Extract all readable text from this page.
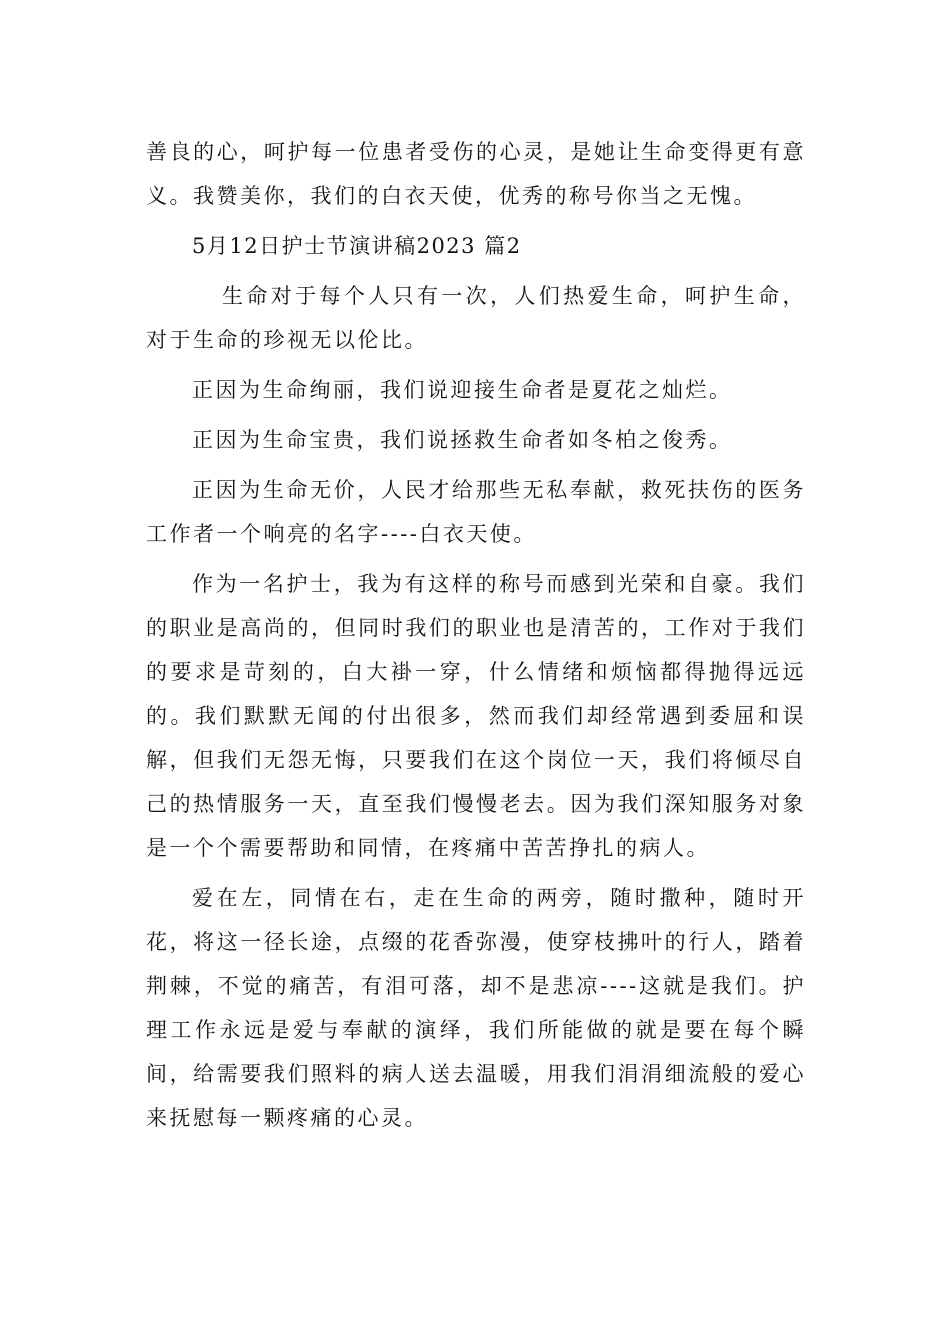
善良的心，呵护每一位患者受伤的心灵，是她让生命变得更有意义。我赞美你，我们的白衣天使，优秀的称号你当之无愧。

5月12日护士节演讲稿2023 篇2

生命对于每个人只有一次，人们热爱生命，呵护生命，对于生命的珍视无以伦比。

正因为生命绚丽，我们说迎接生命者是夏花之灿烂。

正因为生命宝贵，我们说拯救生命者如冬柏之俊秀。

正因为生命无价，人民才给那些无私奉献，救死扶伤的医务工作者一个响亮的名字----白衣天使。

作为一名护士，我为有这样的称号而感到光荣和自豪。我们的职业是高尚的，但同时我们的职业也是清苦的，工作对于我们的要求是苛刻的，白大褂一穿，什么情绪和烦恼都得抛得远远的。我们默默无闻的付出很多，然而我们却经常遇到委屈和误解，但我们无怨无悔，只要我们在这个岗位一天，我们将倾尽自己的热情服务一天，直至我们慢慢老去。因为我们深知服务对象是一个个需要帮助和同情，在疼痛中苦苦挣扎的病人。

爱在左，同情在右，走在生命的两旁，随时撒种，随时开花，将这一径长途，点缀的花香弥漫，使穿枝拂叶的行人，踏着荆棘，不觉的痛苦，有泪可落，却不是悲凉----这就是我们。护理工作永远是爱与奉献的演绎，我们所能做的就是要在每个瞬间，给需要我们照料的病人送去温暖，用我们涓涓细流般的爱心来抚慰每一颗疼痛的心灵。
